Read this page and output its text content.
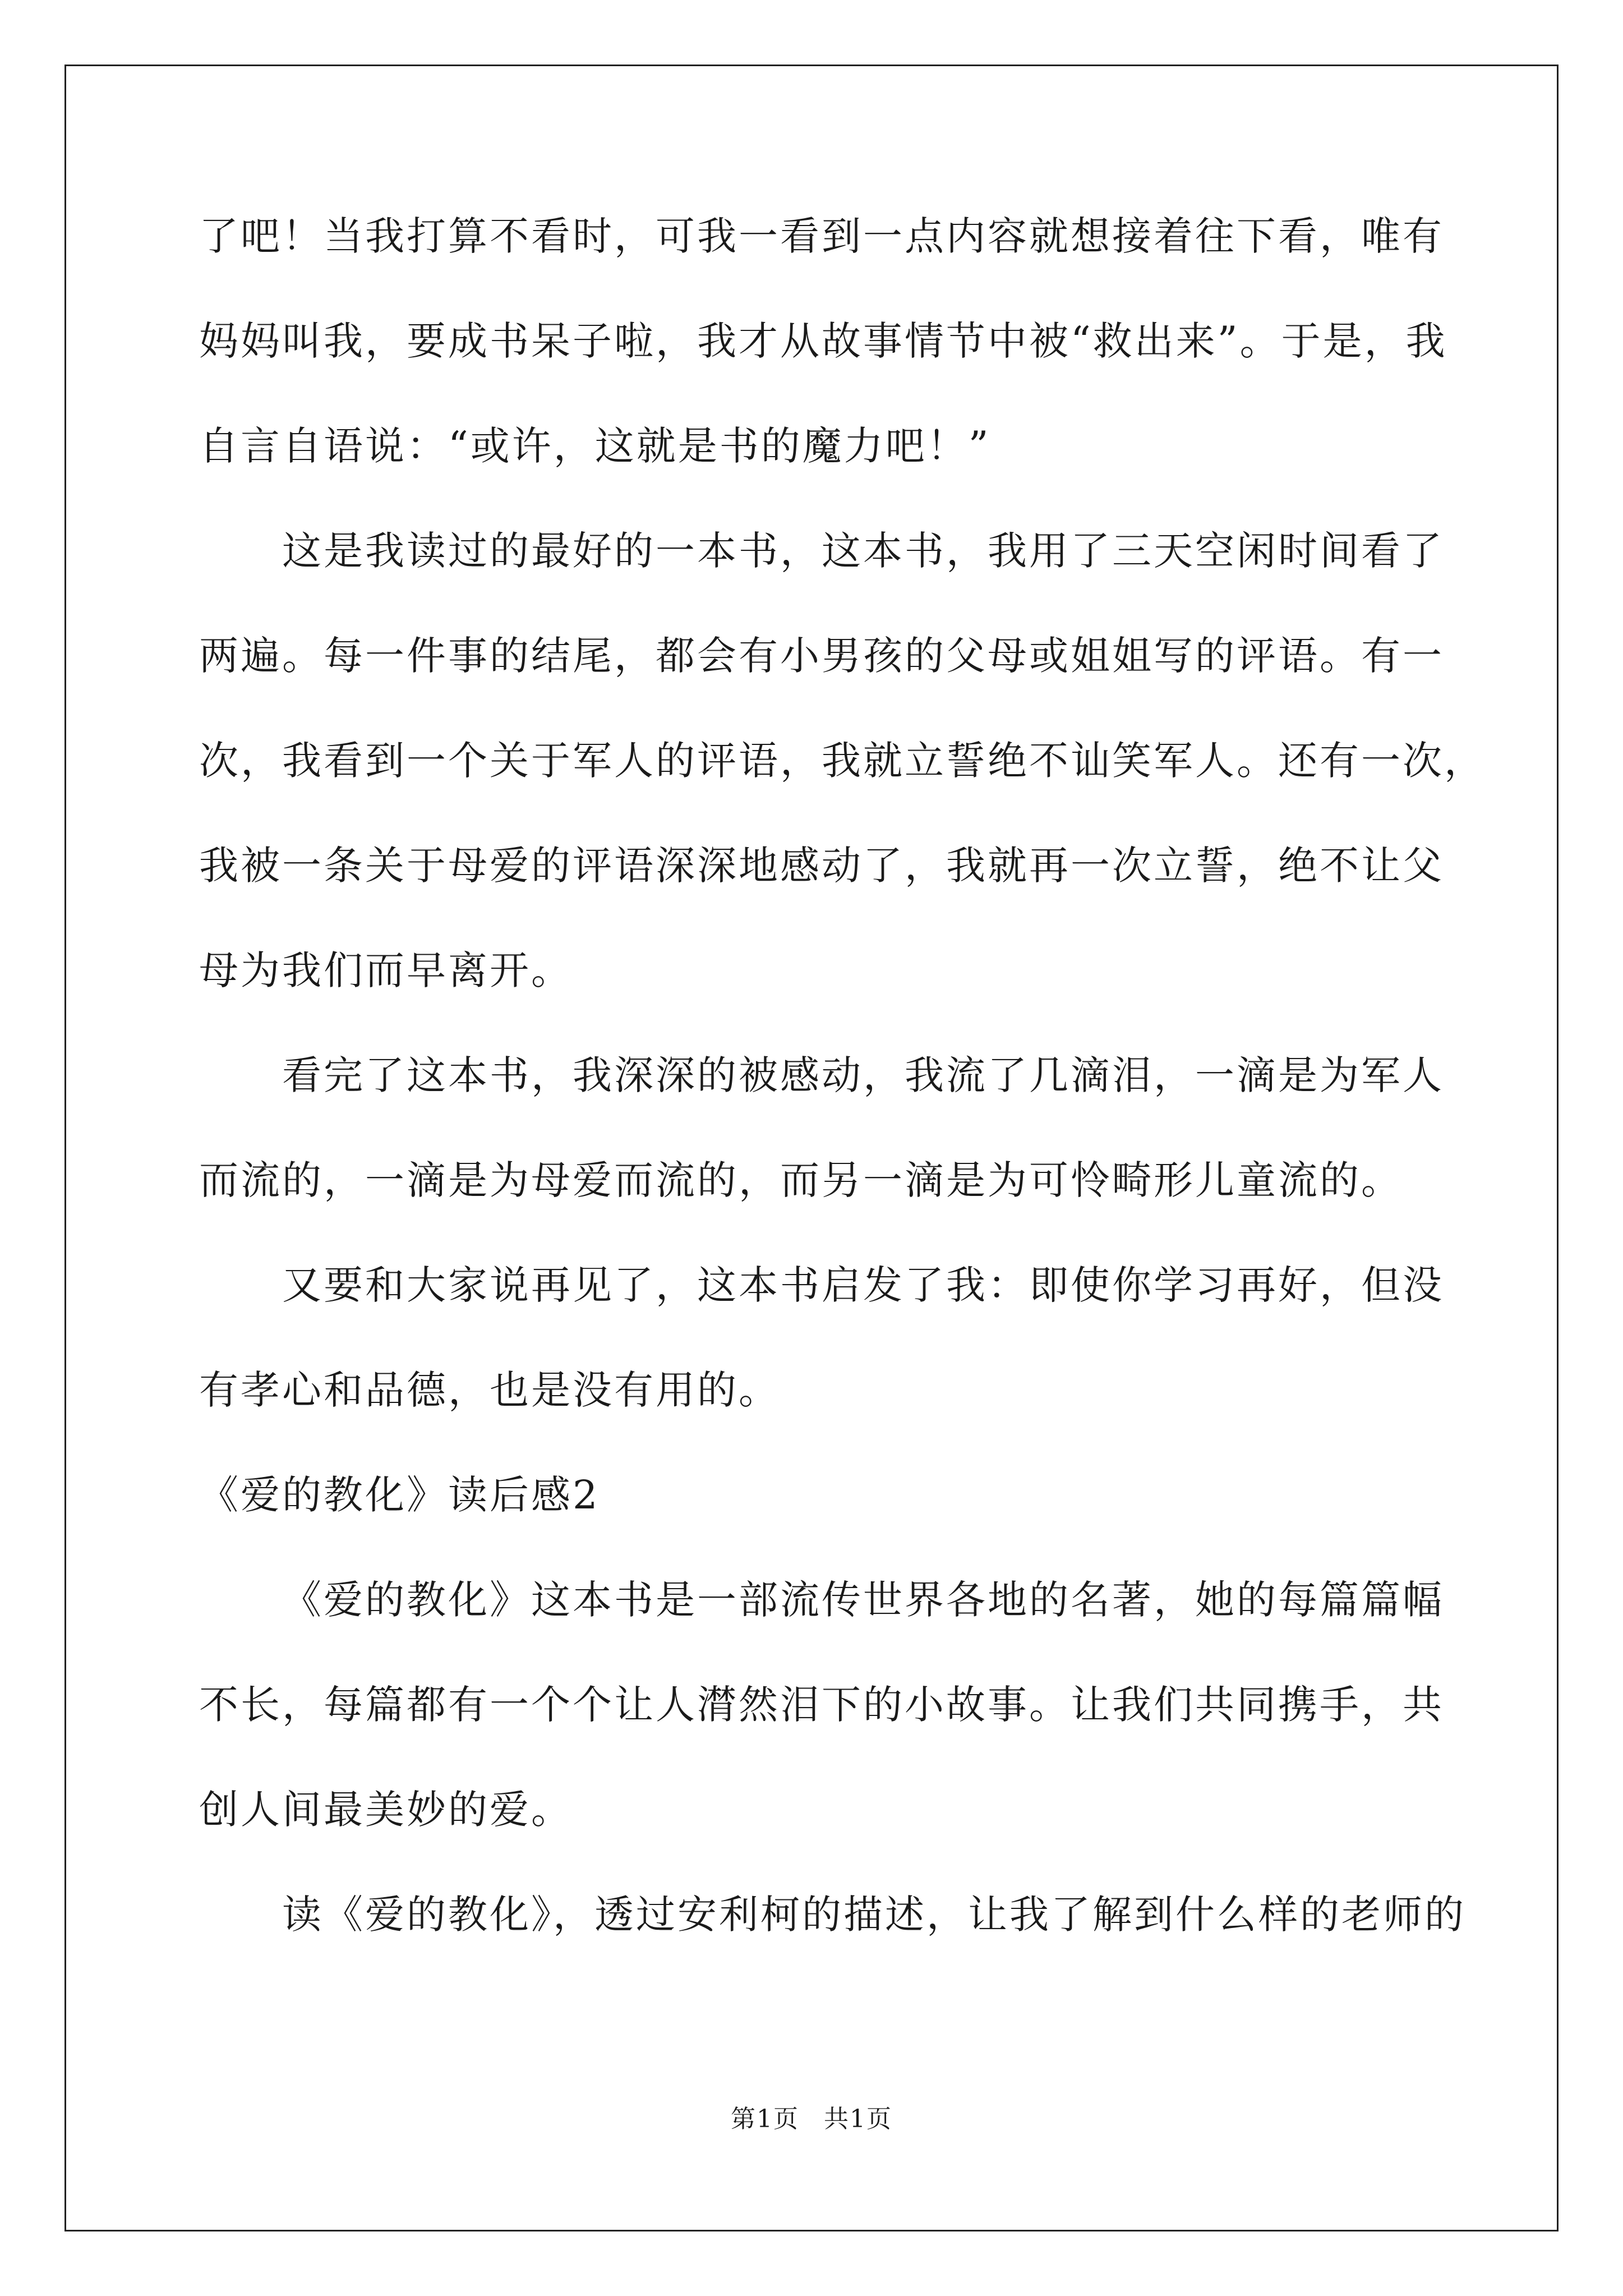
了吧！当我打算不看时，可我一看到一点内容就想接着往下看，唯有
妈妈叫我，要成书呆子啦，我才从故事情节中被“救出来”。于是，我
自言自语说：“或许，这就是书的魔力吧！”
这是我读过的最好的一本书，这本书，我用了三天空闲时间看了
两遍。每一件事的结尾，都会有小男孩的父母或姐姐写的评语。有一
次，我看到一个关于军人的评语，我就立誓绝不讪笑军人。还有一次，
我被一条关于母爱的评语深深地感动了，我就再一次立誓，绝不让父
母为我们而早离开。
看完了这本书，我深深的被感动，我流了几滴泪，一滴是为军人
而流的，一滴是为母爱而流的，而另一滴是为可怜畸形儿童流的。
又要和大家说再见了，这本书启发了我：即使你学习再好，但没
有孝心和品德，也是没有用的。
《爱的教化》读后感2
《爱的教化》这本书是一部流传世界各地的名著，她的每篇篇幅
不长，每篇都有一个个让人潸然泪下的小故事。让我们共同携手，共
创人间最美妙的爱。
读《爱的教化》，透过安利柯的描述，让我了解到什么样的老师的
第1页 共1页
